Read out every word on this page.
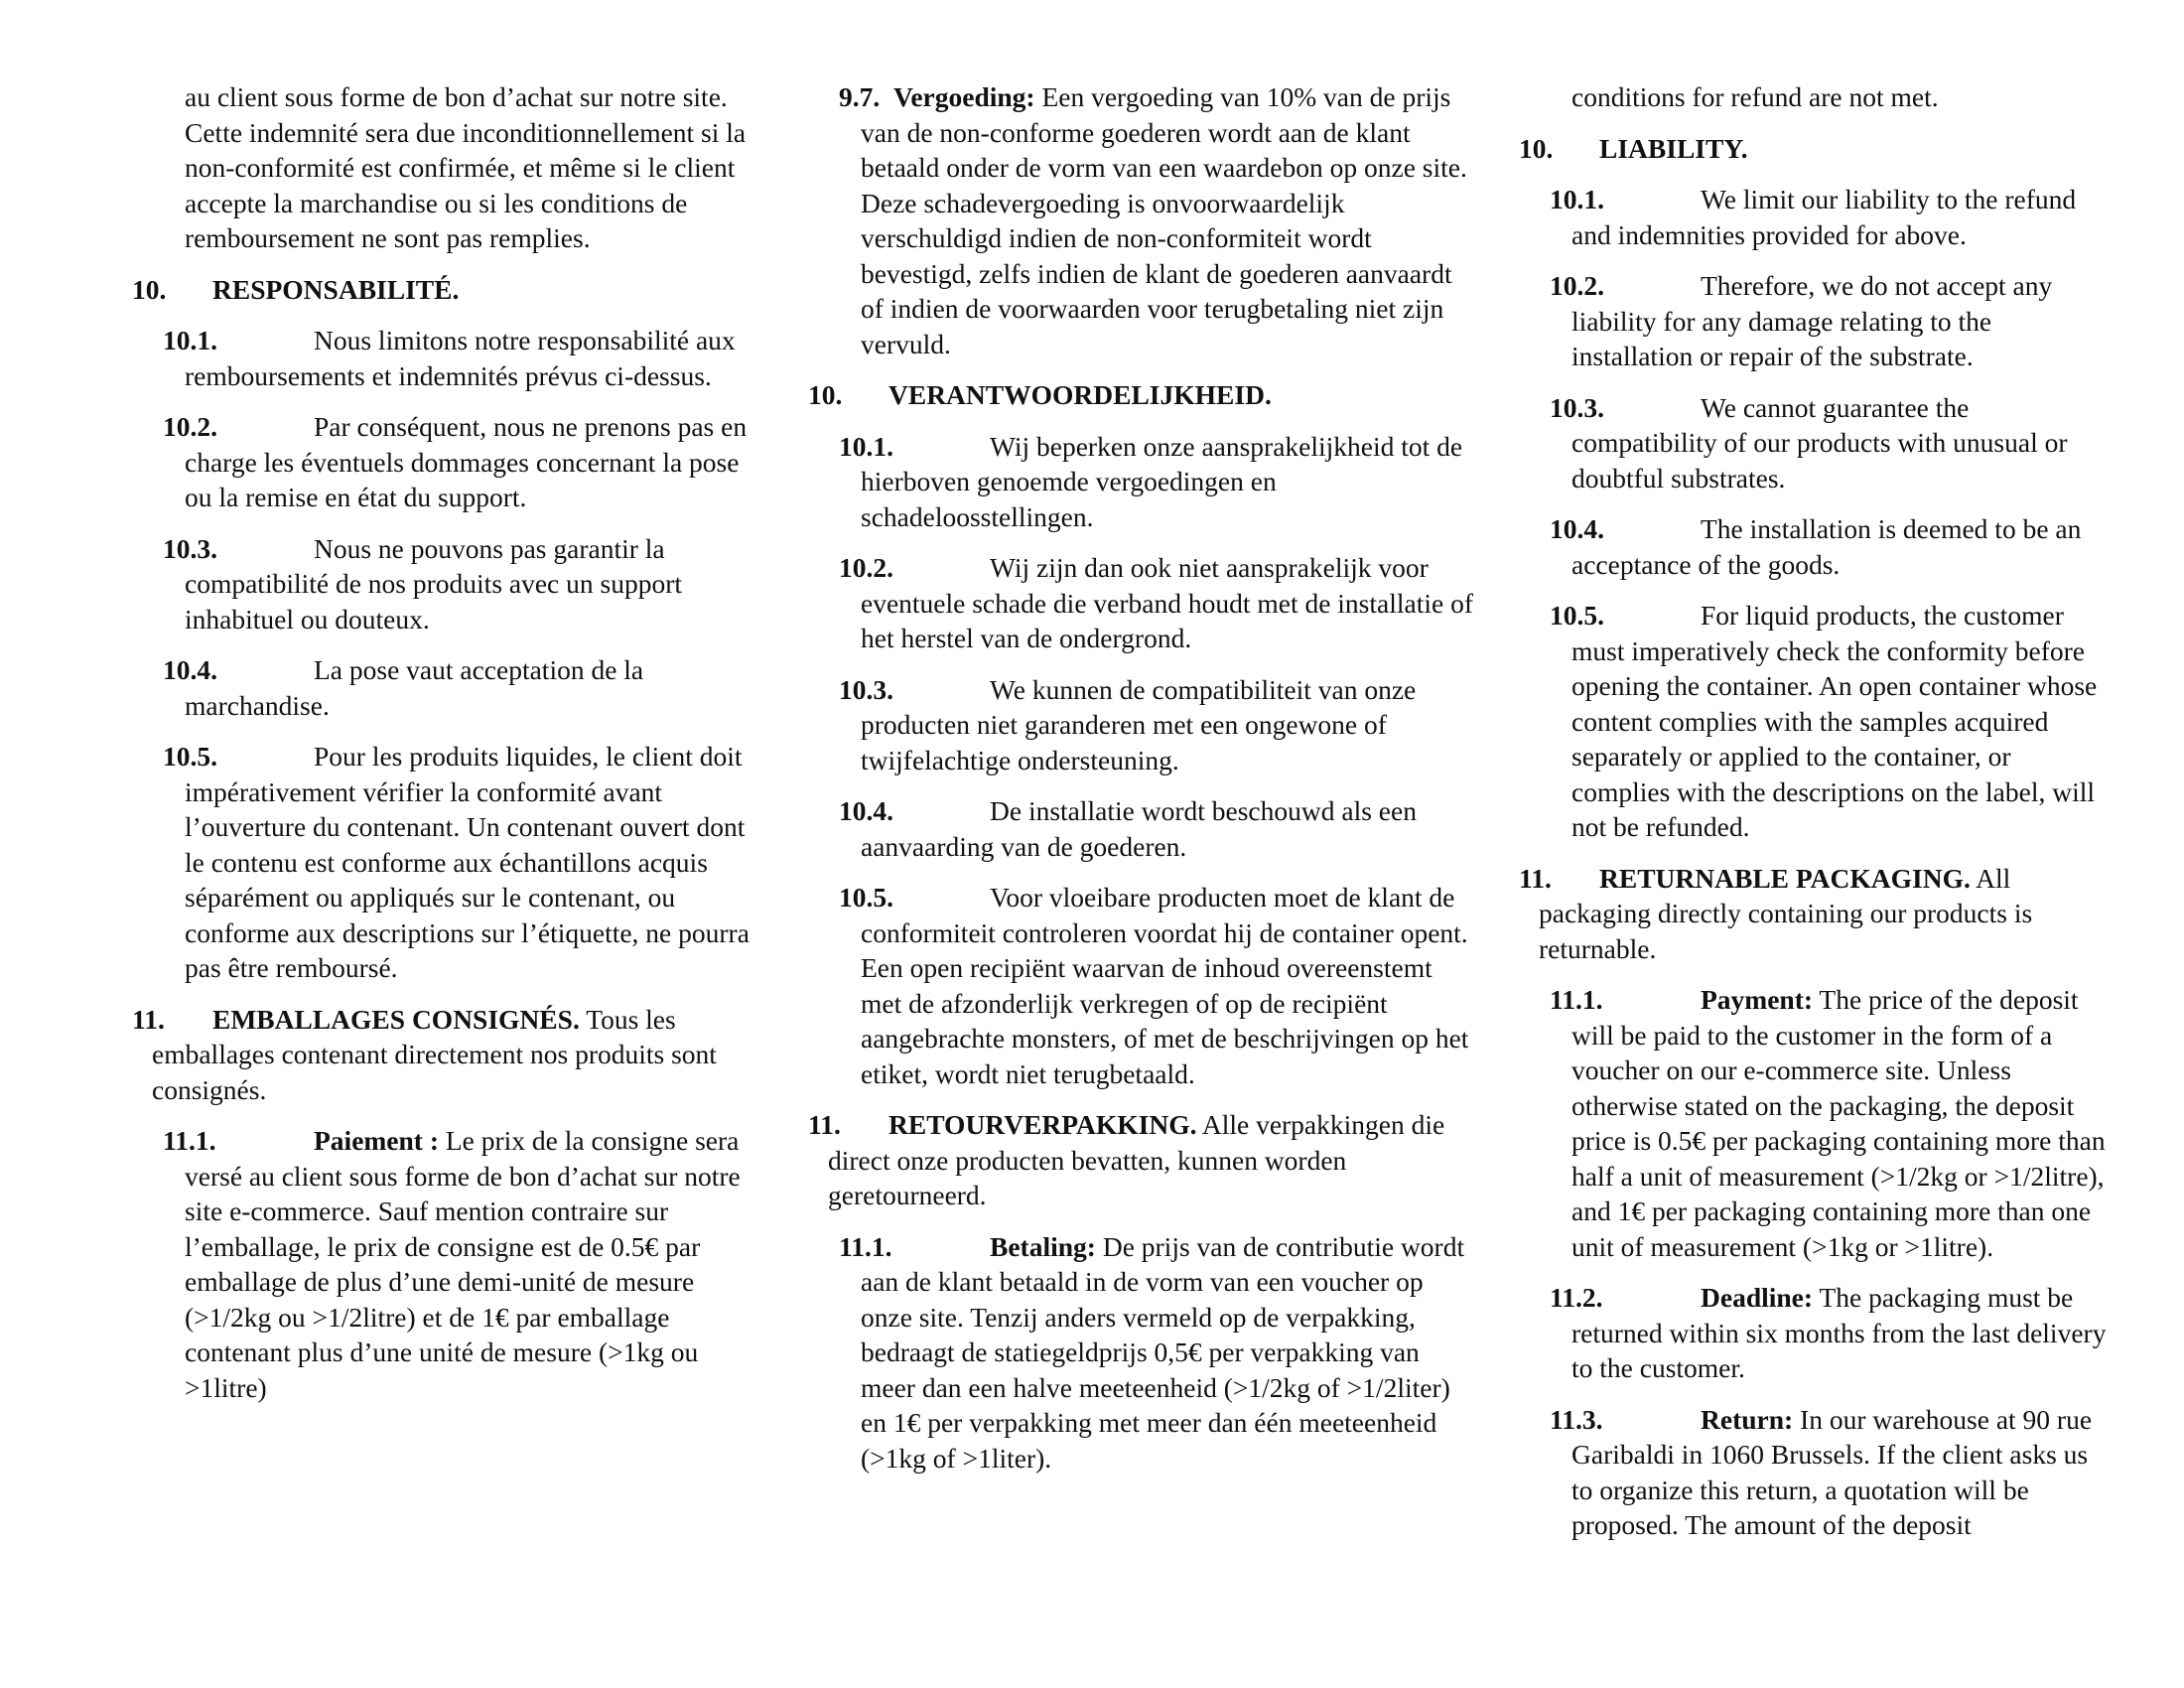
au client sous forme de bon d’achat sur notre site. Cette indemnité sera due inconditionnellement si la non-conformité est confirmée, et même si le client accepte la marchandise ou si les conditions de remboursement ne sont pas remplies.

10. RESPONSABILITÉ.

10.1.	Nous limitons notre responsabilité aux remboursements et indemnités prévus ci-dessus.

10.2.	Par conséquent, nous ne prenons pas en charge les éventuels dommages concernant la pose ou la remise en état du support.

10.3.	Nous ne pouvons pas garantir la compatibilité de nos produits avec un support inhabituel ou douteux.

10.4.	La pose vaut acceptation de la marchandise.

10.5.	Pour les produits liquides, le client doit impérativement vérifier la conformité avant l’ouverture du contenant. Un contenant ouvert dont le contenu est conforme aux échantillons acquis séparément ou appliqués sur le contenant, ou conforme aux descriptions sur l’étiquette, ne pourra pas être remboursé.

11. EMBALLAGES CONSIGNÉS. Tous les emballages contenant directement nos produits sont consignés.

11.1.	Paiement : Le prix de la consigne sera versé au client sous forme de bon d’achat sur notre site e-commerce. Sauf mention contraire sur l’emballage, le prix de consigne est de 0.5€ par emballage de plus d’une demi-unité de mesure (>1/2kg ou >1/2litre) et de 1€ par emballage contenant plus d’une unité de mesure (>1kg ou >1litre)

9.7. Vergoeding: Een vergoeding van 10% van de prijs van de non-conforme goederen wordt aan de klant betaald onder de vorm van een waardebon op onze site. Deze schadevergoeding is onvoorwaardelijk verschuldigd indien de non-conformiteit wordt bevestigd, zelfs indien de klant de goederen aanvaardt of indien de voorwaarden voor terugbetaling niet zijn vervuld.

10. VERANTWOORDELIJKHEID.

10.1.	Wij beperken onze aansprakelijkheid tot de hierboven genoemde vergoedingen en schadeloosstellingen.

10.2.	Wij zijn dan ook niet aansprakelijk voor eventuele schade die verband houdt met de installatie of het herstel van de ondergrond.

10.3.	We kunnen de compatibiliteit van onze producten niet garanderen met een ongewone of twijfelachtige ondersteuning.

10.4.	De installatie wordt beschouwd als een aanvaarding van de goederen.

10.5.	Voor vloeibare producten moet de klant de conformiteit controleren voordat hij de container opent. Een open recipiënt waarvan de inhoud overeenstemt met de afzonderlijk verkregen of op de recipiënt aangebrachte monsters, of met de beschrijvingen op het etiket, wordt niet terugbetaald.

11. RETOURVERPAKKING. Alle verpakkingen die direct onze producten bevatten, kunnen worden geretourneerd.

11.1.	Betaling: De prijs van de contributie wordt aan de klant betaald in de vorm van een voucher op onze site. Tenzij anders vermeld op de verpakking, bedraagt de statiegeldprijs 0,5€ per verpakking van meer dan een halve meeteenheid (>1/2kg of >1/2liter) en 1€ per verpakking met meer dan één meeteenheid (>1kg of >1liter).

conditions for refund are not met.

10. LIABILITY.

10.1.	We limit our liability to the refund and indemnities provided for above.

10.2.	Therefore, we do not accept any liability for any damage relating to the installation or repair of the substrate.

10.3.	We cannot guarantee the compatibility of our products with unusual or doubtful substrates.

10.4.	The installation is deemed to be an acceptance of the goods.

10.5.	For liquid products, the customer must imperatively check the conformity before opening the container. An open container whose content complies with the samples acquired separately or applied to the container, or complies with the descriptions on the label, will not be refunded.

11. RETURNABLE PACKAGING. All packaging directly containing our products is returnable.

11.1.	Payment: The price of the deposit will be paid to the customer in the form of a voucher on our e-commerce site. Unless otherwise stated on the packaging, the deposit price is 0.5€ per packaging containing more than half a unit of measurement (>1/2kg or >1/2litre), and 1€ per packaging containing more than one unit of measurement (>1kg or >1litre).

11.2.	Deadline: The packaging must be returned within six months from the last delivery to the customer.

11.3.	Return: In our warehouse at 90 rue Garibaldi in 1060 Brussels. If the client asks us to organize this return, a quotation will be proposed. The amount of the deposit
